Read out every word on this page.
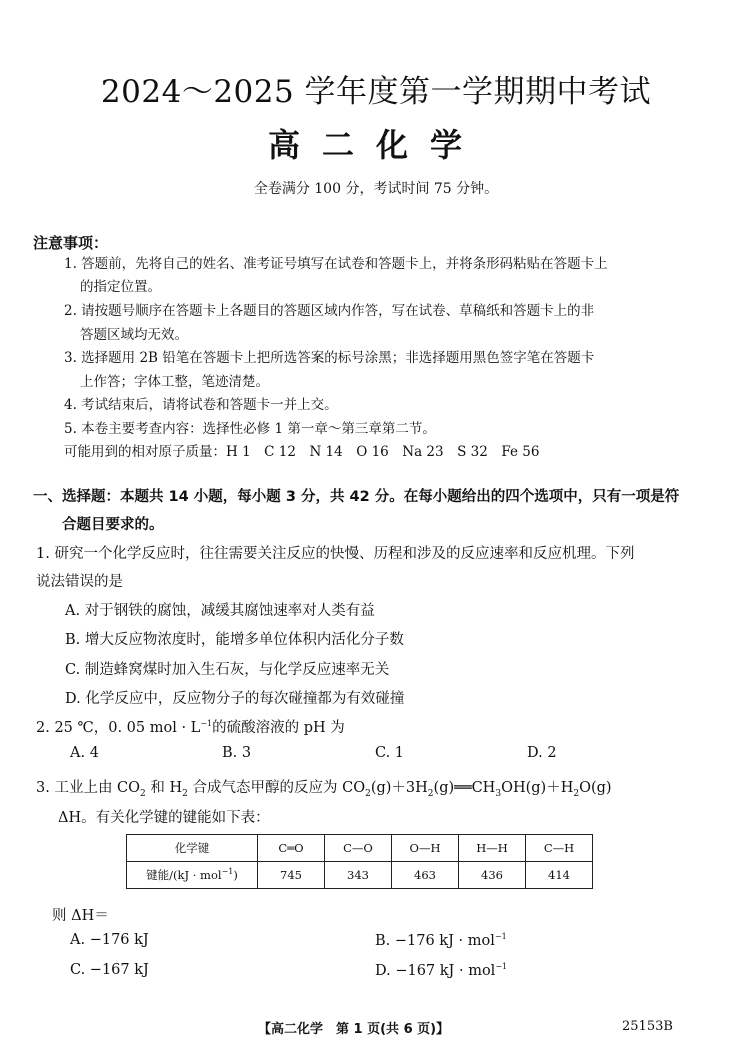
2024～2025 学年度第一学期期中考试
高二化学
全卷满分 100 分，考试时间 75 分钟。
注意事项：
1. 答题前，先将自己的姓名、准考证号填写在试卷和答题卡上，并将条形码粘贴在答题卡上
的指定位置。
2. 请按题号顺序在答题卡上各题目的答题区域内作答，写在试卷、草稿纸和答题卡上的非
答题区域均无效。
3. 选择题用 2B 铅笔在答题卡上把所选答案的标号涂黑；非选择题用黑色签字笔在答题卡
上作答；字体工整，笔迹清楚。
4. 考试结束后，请将试卷和答题卡一并上交。
5. 本卷主要考查内容：选择性必修 1 第一章～第三章第二节。
可能用到的相对原子质量：H 1　C 12　N 14　O 16　Na 23　S 32　Fe 56
一、选择题：本题共 14 小题，每小题 3 分，共 42 分。在每小题给出的四个选项中，只有一项是符
合题目要求的。
1. 研究一个化学反应时，往往需要关注反应的快慢、历程和涉及的反应速率和反应机理。下列
说法错误的是
A. 对于钢铁的腐蚀，减缓其腐蚀速率对人类有益
B. 增大反应物浓度时，能增多单位体积内活化分子数
C. 制造蜂窝煤时加入生石灰，与化学反应速率无关
D. 化学反应中，反应物分子的每次碰撞都为有效碰撞
2. 25 ℃，0. 05 mol · $L^{-1}$的硫酸溶液的 pH 为
A. 4	B. 3	C. 1	D. 2
3. 工业上由 $CO_2$ 和 $H_2$ 合成气态甲醇的反应为 $CO_2(g)+3H_2(g)══CH_3OH(g)+H_2O(g)$
ΔH。有关化学键的键能如下表：
化学键	C═O	C—O	O—H	H—H	C—H
键能/(kJ · mol$^{-1}$)	745	343	463	436	414
则 ΔH＝
A. −176 kJ	B. −176 kJ · mol$^{-1}$
C. −167 kJ	D. −167 kJ · mol$^{-1}$
【高二化学　第 1 页(共 6 页)】	25153B
